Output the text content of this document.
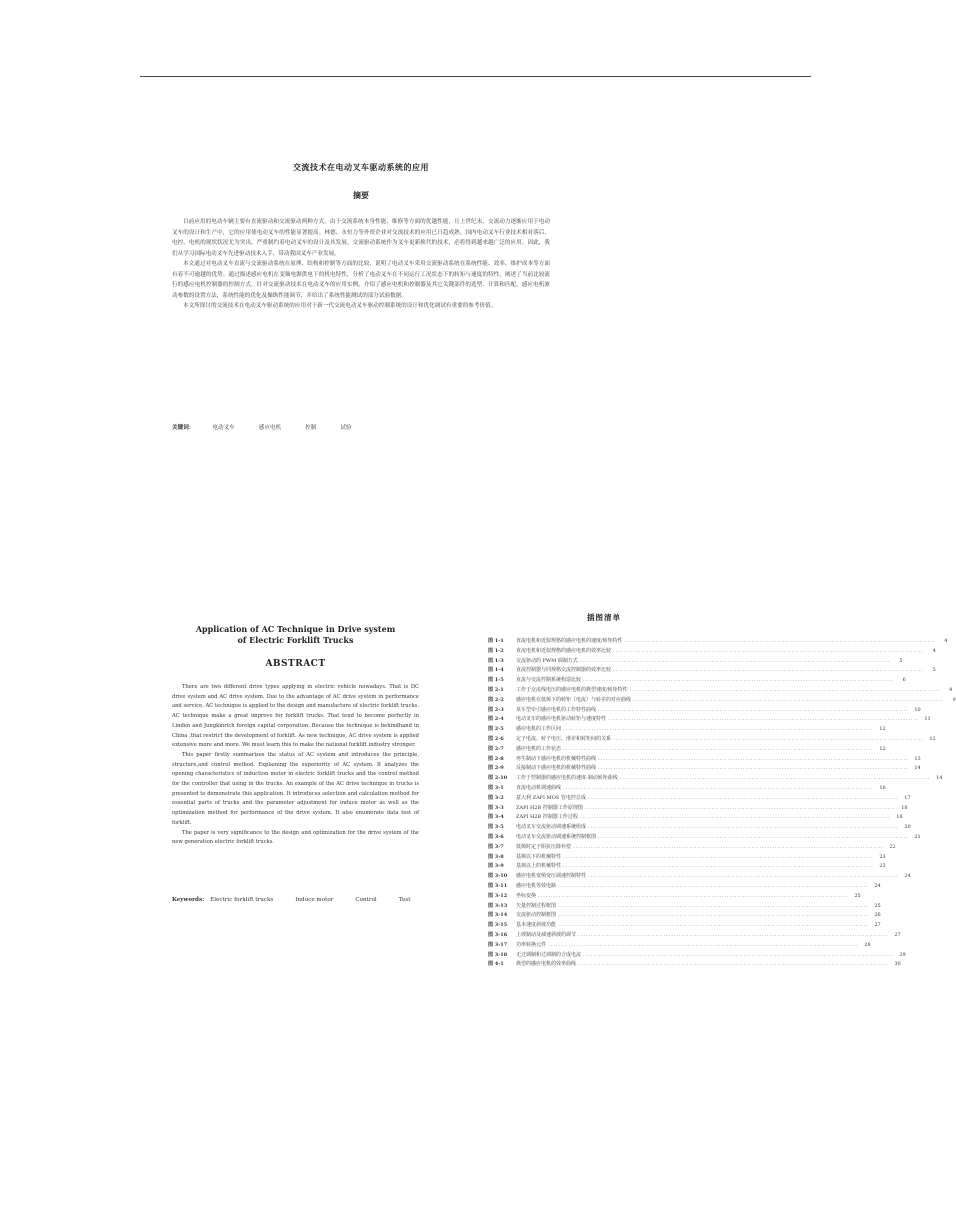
交流技术在电动叉车驱动系统的应用
摘要

目前应用的电动车辆主要有直流驱动和交流驱动两种方式。由于交流系统本身性能、维修等方面的优越性能，且上世纪末，交流动力逐渐应用于电动叉车的设计和生产中，它的应用使电动叉车的性能显著提高。林德、永恒力等外资企业对交流技术的应用已日趋成熟。国内电动叉车行业技术相对落后，电控、电机的现状状况尤为突出，严重制约着电动叉车的设计及其发展。交流驱动系统作为叉车更新换代的技术，必将得到越来越广泛的应用。因此，我们从学习国际电动叉车先进驱动技术入手，带动我国叉车产业发展。

本文通过对电动叉车直流与交流驱动系统在原理、结构和控制等方面的比较，说明了电动叉车采用交流驱动系统在系统性能、效率、维护成本等方面有着不可逾越的优势。通过描述感应电机在变频电源供电下的机电特性，分析了电动叉车在不同运行工况状态下的转矩与速度的特性，阐述了当前比较流行的感应电机控制器的控制方式，针对交流驱动技术在电动叉车的应用实例，介绍了感应电机和控制器及其它关键部件的选型、计算和匹配，感应电机驱动参数的设置方法，系统性能的优化及操纵性能调节，并给出了系统性能测试的部分试验数据。

本文所探讨的交流技术在电动叉车驱动系统的应用对于新一代交流电动叉车驱动控制系统的设计和优化调试有重要的参考价值。

关键词：	电动叉车	感应电机	控制	试验
Application of AC Technique in Drive system
of Electric Forklift Trucks
ABSTRACT

There are two different drive types applying in electric vehicle nowadays. That is DC drive system and AC drive system. Due to the advantage of AC drive system in performance and service, AC technique is applied to the design and manufacture of electric forklift trucks. AC technique make a great improve for forklift trucks. That tend to become perfectly in Linden and Jungkinrich foreign capital corporation. Because the technique is behindhand in China ,that restrict the development of forklift. As new technique, AC drive system is applied extensive more and more. We must learn this to make the national forklift industry stronger.

This paper firstly summarizes the status of AC system and introduces the principle, structure,and control method. Explaining the superiority of AC system. It analyzes the opening characteristics of induction motor in electric forklift trucks and the control method for the controller that using in the trucks. An example of the AC drive technique in trucks is presented to demonstrate this application. It introduces selection and calculation method for essential parts of trucks and the parameter adjustment for induce motor as well as the optimization method for performance of the drive system. It also enumerate data test of forklift.

The paper is very significance to the design and optimization for the drive system of the new generation electric forklift trucks.

Keywords: Electric forklift trucks	Induce motor	Control	Test
插图清单
图 1-1	直流电机和近似规格的感应电机的速度/转矩特性 ........................................................................................................................	4
图 1-2	直流电机和近似规格的感应电机的效率比较 ........................................................................................................................	4
图 1-3	交流驱动的 PWM 调制方式 ........................................................................................................................	5
图 1-4	直流控制器与同规格交流控制器的效率比较 ........................................................................................................................	5
图 1-5	直流与交流控制系统构造比较 ........................................................................................................................	6
图 2-1	工作于交流线电压的感应电机的典型速度/转矩特性 ........................................................................................................................	9
图 2-2	感应电机在低频下的转矩（电流）与转差的对应曲线 ........................................................................................................................	9
图 2-3	某车型牵引感应电机的工作特性曲线 ........................................................................................................................	10
图 2-4	电动叉车的感应电机驱动转矩与速度特性 ........................................................................................................................	11
图 2-5	感应电机的工作区间 ........................................................................................................................	12
图 2-6	定子电流、转子电压、滑差和转矩间的关系 ........................................................................................................................	12
图 2-7	感应电机的工作状态 ........................................................................................................................	12
图 2-8	再生制动下感应电机的机械特性曲线 ........................................................................................................................	13
图 2-9	反接制动下感应电机的机械特性曲线 ........................................................................................................................	14
图 2-10	工作于控制器的感应电机的速度-制动转矩曲线 ........................................................................................................................	14
图 3-1	直流电动机调速曲线 ........................................................................................................................	16
图 3-2	意大利 ZAPI MOS 管电控总成 ........................................................................................................................	17
图 3-3	ZAPI H2B 控制器工作原理图 ........................................................................................................................	18
图 3-4	ZAPI H2B 控制器工作过程 ........................................................................................................................	18
图 3-5	电动叉车交流驱动调速系统组成 ........................................................................................................................	20
图 3-6	电动叉车交流驱动调速系统控制框图 ........................................................................................................................	21
图 3-7	低频时定子阻抗压降补偿 ........................................................................................................................	22
图 3-8	基频以下的机械特性 ........................................................................................................................	23
图 3-9	基频以上的机械特性 ........................................................................................................................	23
图 3-10	感应电机变频变压调速控制特性 ........................................................................................................................	24
图 3-11	感应电机等效电路 ........................................................................................................................	24
图 3-12	坐标变换 ........................................................................................................................	25
图 3-13	矢量控制过程框图 ........................................................................................................................	25
图 3-14	交流驱动控制框图 ........................................................................................................................	26
图 3-15	基本速度斜坡功能 ........................................................................................................................	27
图 3-16	上坡制动及减速斜坡的调节 ........................................................................................................................	27
图 3-17	功率转换元件 ........................................................................................................................	28
图 3-18	无过调制和过调制的合成电流 ........................................................................................................................	29
图 4-1	典型的感应电机的效率曲线 ........................................................................................................................	30
